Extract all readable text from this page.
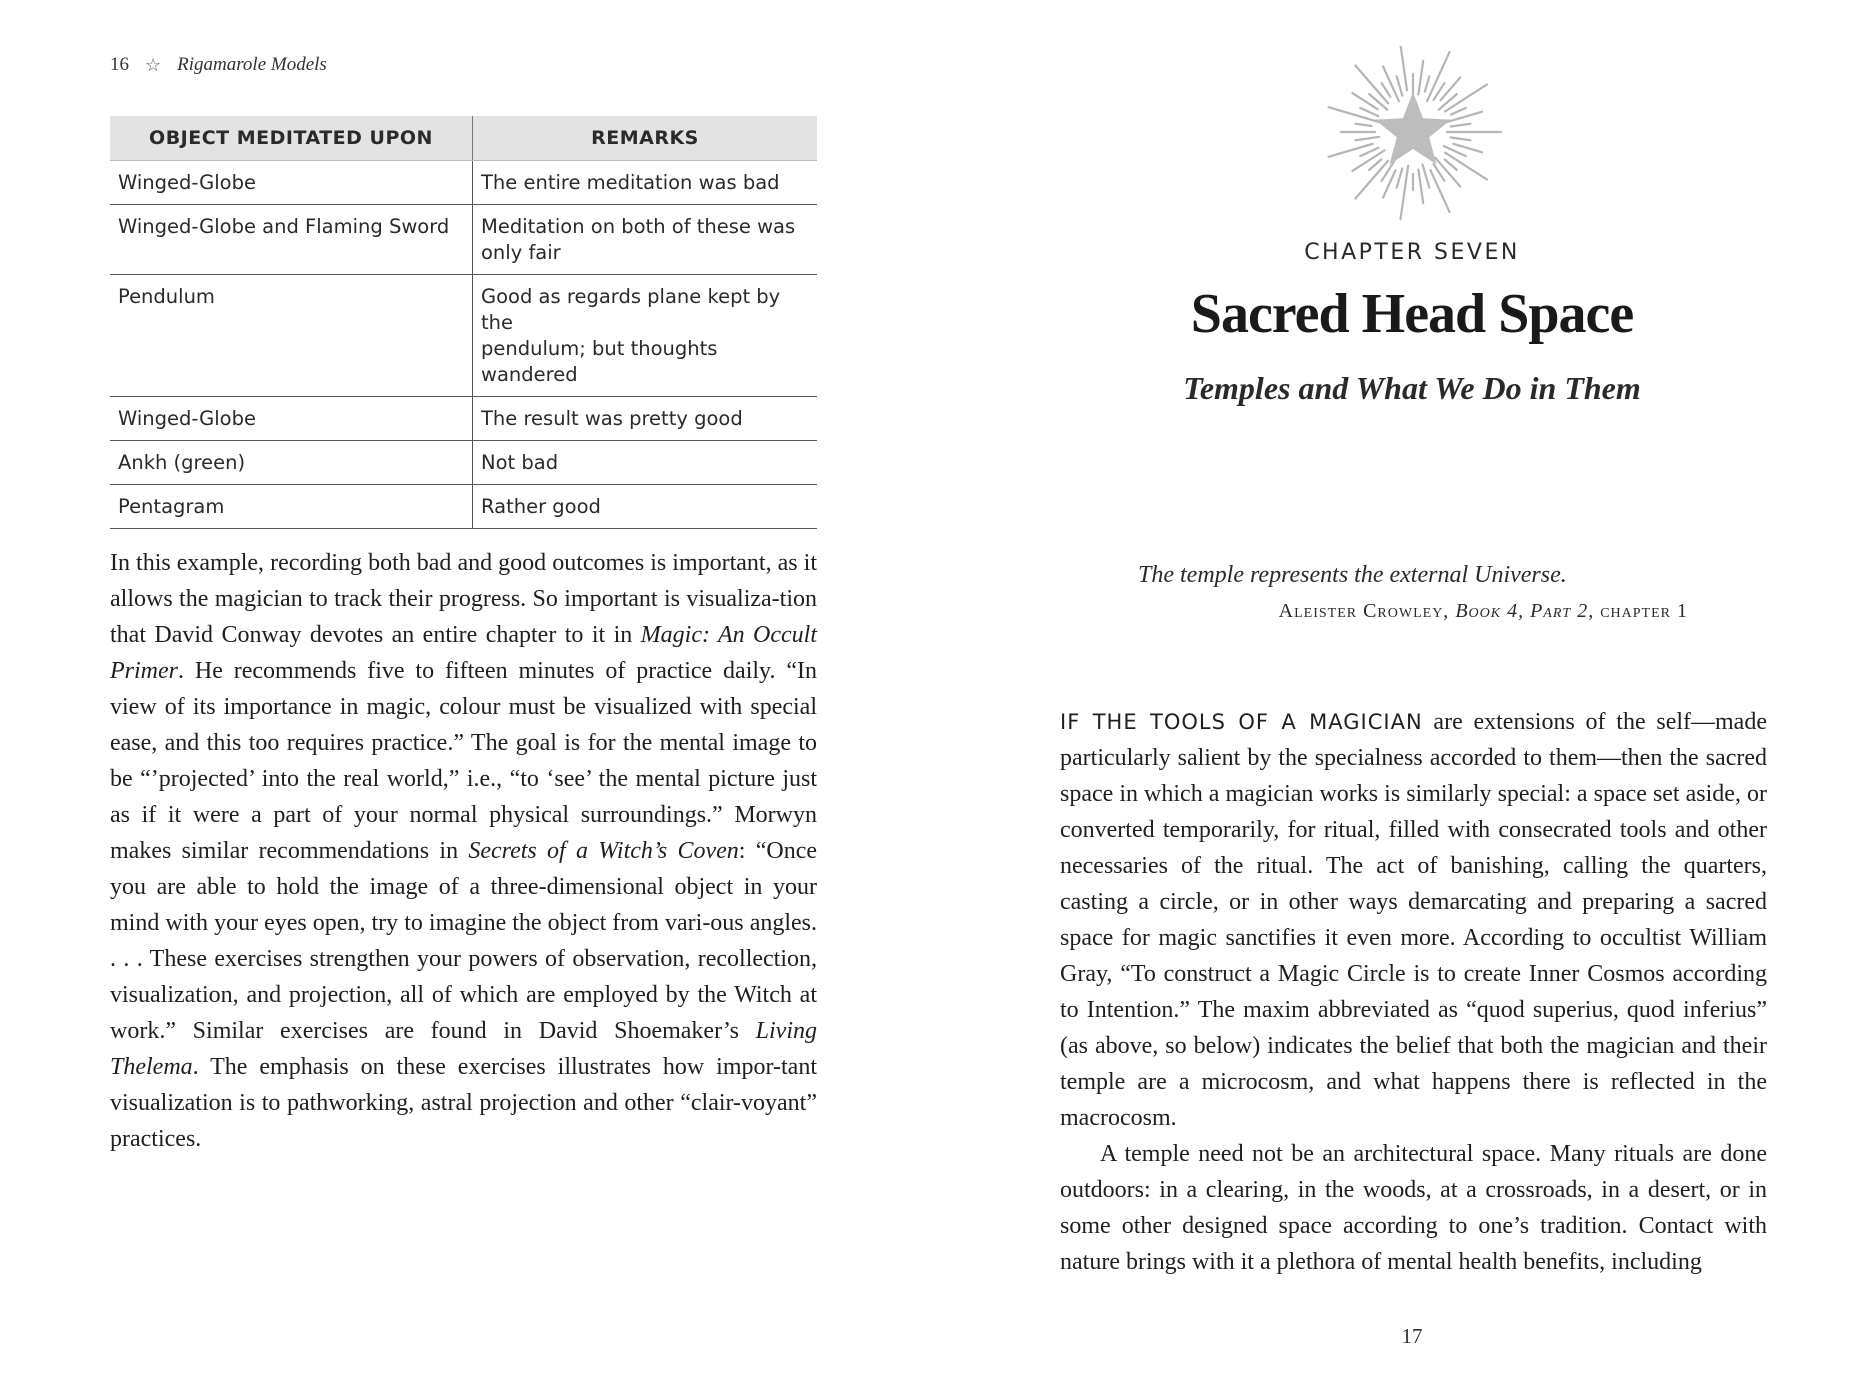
16 ☆ Rigamarole Models
OBJECT MEDITATED UPON	REMARKS
Winged-Globe	The entire meditation was bad
Winged-Globe and Flaming Sword	Meditation on both of these was
only fair
Pendulum	Good as regards plane kept by the
pendulum; but thoughts wandered
Winged-Globe	The result was pretty good
Ankh (green)	Not bad
Pentagram	Rather good

In this example, recording both bad and good outcomes is important, as it allows the magician to track their progress. So important is visualiza-tion that David Conway devotes an entire chapter to it in Magic: An Occult Primer. He recommends five to fifteen minutes of practice daily. “In view of its importance in magic, colour must be visualized with special ease, and this too requires practice.” The goal is for the mental image to be “’projected’ into the real world,” i.e., “to ‘see’ the mental picture just as if it were a part of your normal physical surroundings.” Morwyn makes similar recommendations in Secrets of a Witch’s Coven: “Once you are able to hold the image of a three-dimensional object in your mind with your eyes open, try to imagine the object from vari-ous angles. . . . These exercises strengthen your powers of observation, recollection, visualization, and projection, all of which are employed by the Witch at work.” Similar exercises are found in David Shoemaker’s Living Thelema. The emphasis on these exercises illustrates how impor-tant visualization is to pathworking, astral projection and other “clair-voyant” practices.

CHAPTER SEVEN
Sacred Head Space
Temples and What We Do in Them
The temple represents the external Universe.
Aleister Crowley, Book 4, Part 2, chapter 1

IF THE TOOLS OF A MAGICIAN are extensions of the self—made particularly salient by the specialness accorded to them—then the sacred space in which a magician works is similarly special: a space set aside, or converted temporarily, for ritual, filled with consecrated tools and other necessaries of the ritual. The act of banishing, calling the quarters, casting a circle, or in other ways demarcating and preparing a sacred space for magic sanctifies it even more. According to occultist William Gray, “To construct a Magic Circle is to create Inner Cosmos according to Intention.” The maxim abbreviated as “quod superius, quod inferius” (as above, so below) indicates the belief that both the magician and their temple are a microcosm, and what happens there is reflected in the macrocosm.

A temple need not be an architectural space. Many rituals are done outdoors: in a clearing, in the woods, at a crossroads, in a desert, or in some other designed space according to one’s tradition. Contact with nature brings with it a plethora of mental health benefits, including

17
